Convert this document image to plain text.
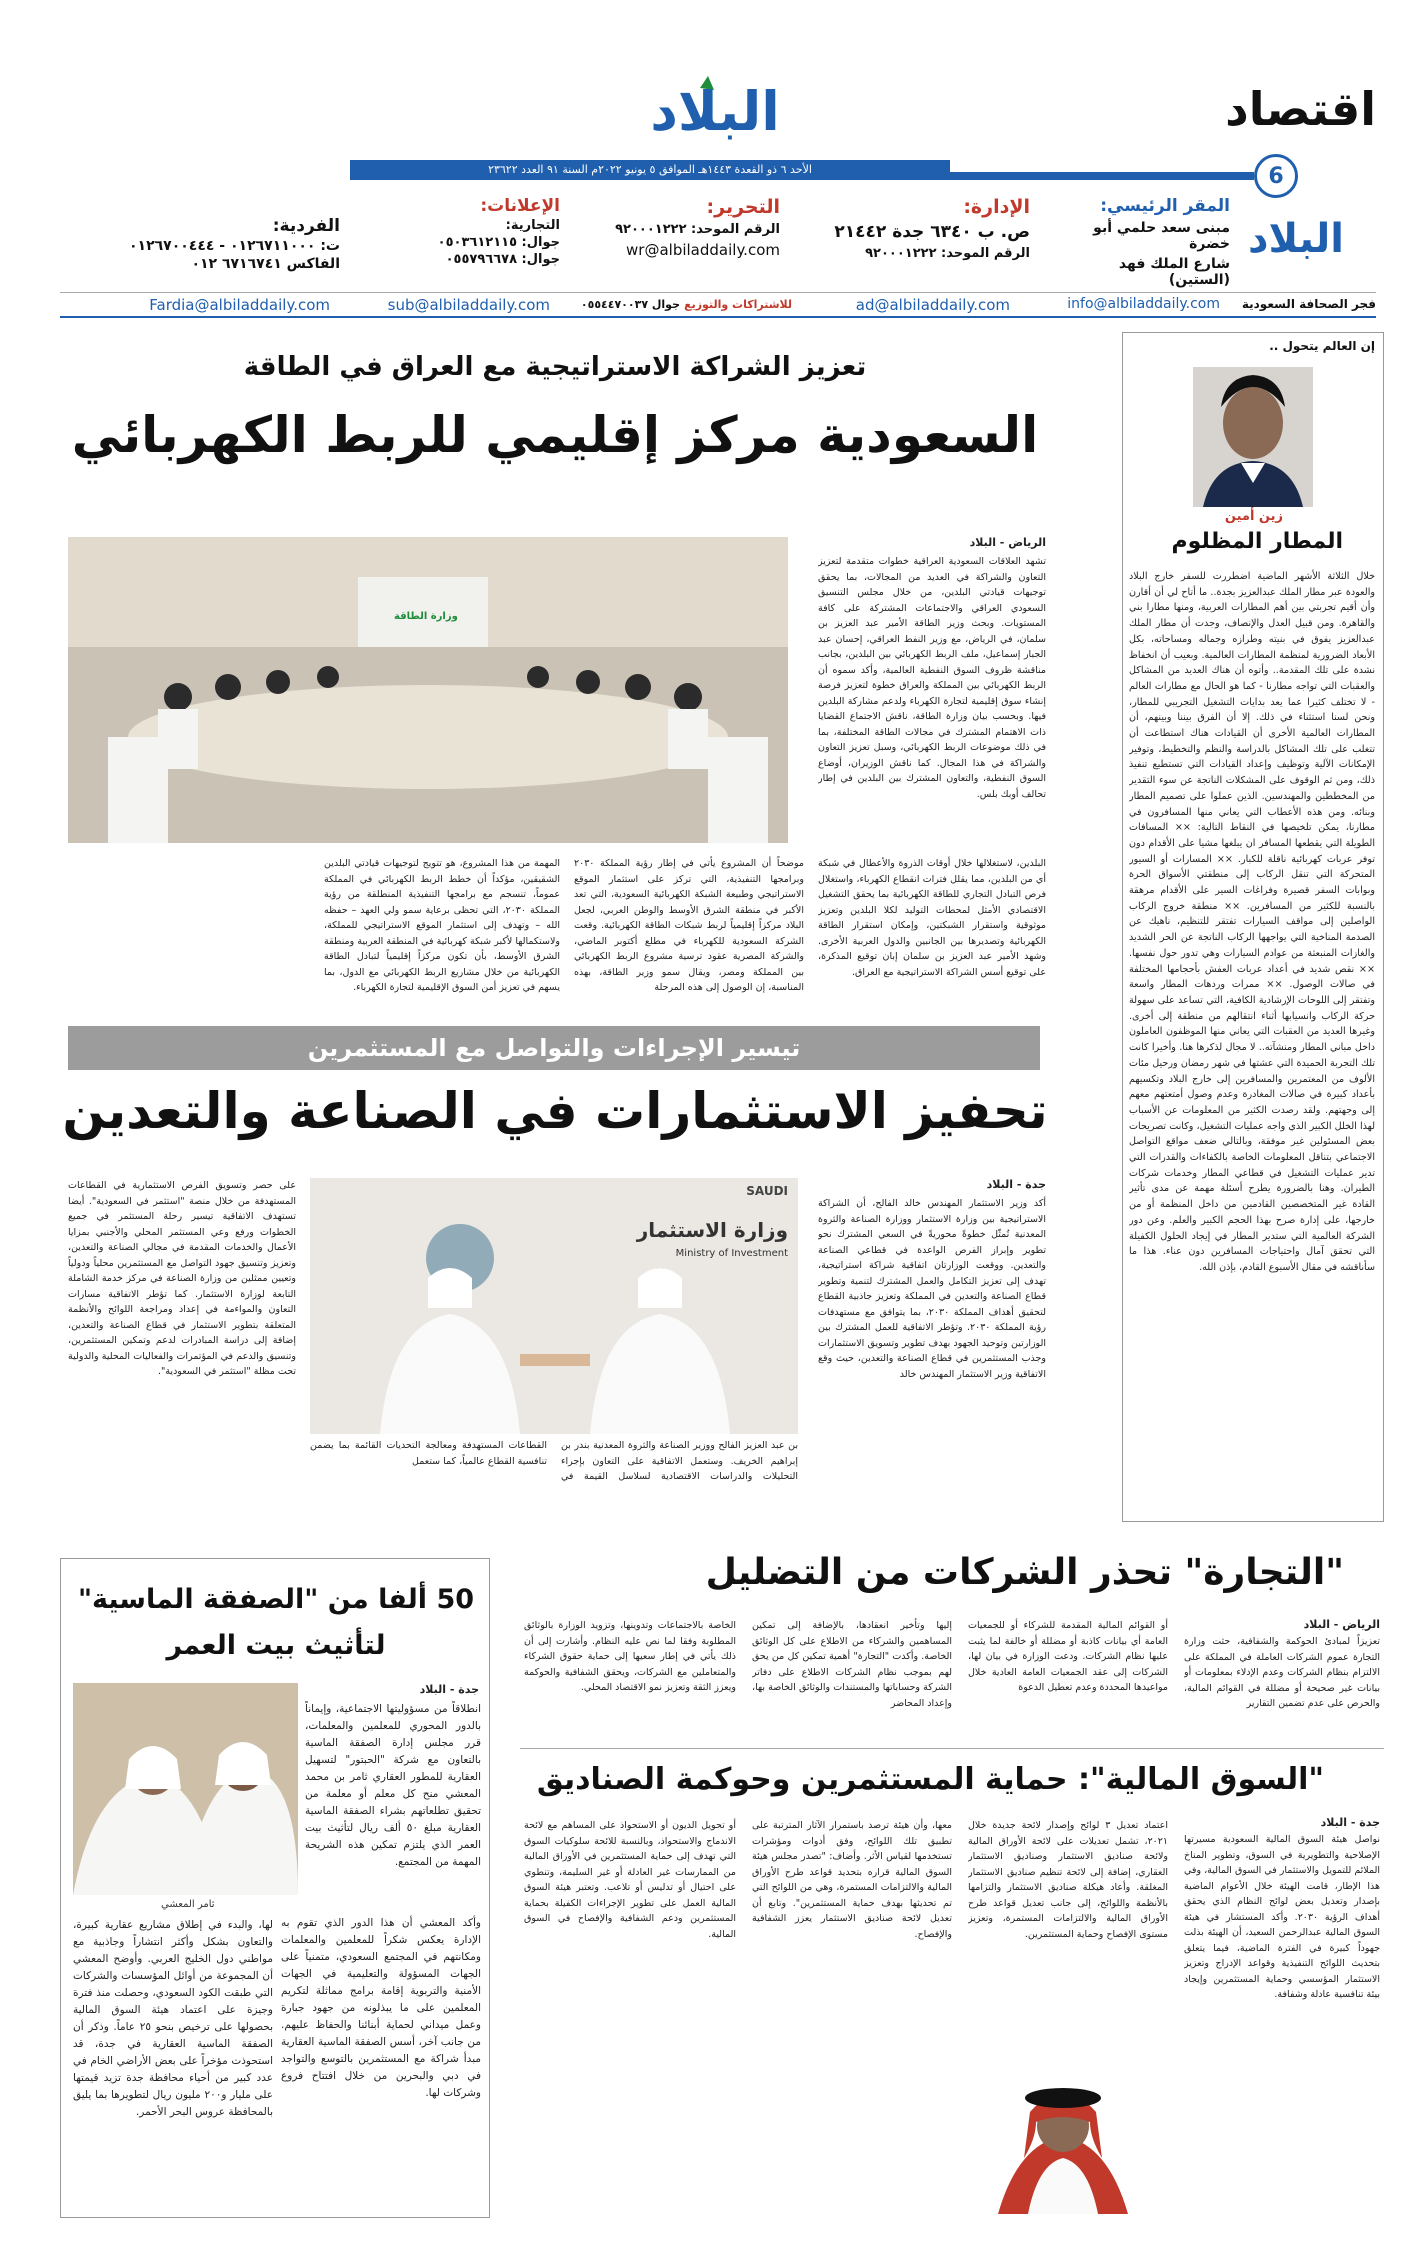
اقتصاد
6
البلاد
الأحد ٦ ذو القعدة ١٤٤٣هـ الموافق ٥ يونيو ٢٠٢٢م السنة ٩١ العدد ٢٣٦٢٢
البلاد
المقر الرئيسي:
مبنى سعد حلمي أبو خضرة
شارع الملك فهد (الستين)
الإدارة:
ص. ب ٦٣٤٠ جدة ٢١٤٤٢
الرقم الموحد: ٩٢٠٠٠١٢٢٢
التحرير:
الرقم الموحد: ٩٢٠٠٠١٢٢٢
wr@albiladdaily.com
الإعلانات:
التجارية:
جوال: ٠٥٠٣٦١٢١١٥
جوال: ٠٥٥٧٩٦٦٧٨
الفردية:
ت: ٠١٢٦٧١١٠٠٠ - ٠١٢٦٧٠٠٤٤٤
الفاكس ٦٧١٦٧٤١ ٠١٢
فجر الصحافة السعودية
info@albiladdaily.com
ad@albiladdaily.com
للاشتراكات والتوزيع
جوال ٠٥٥٤٤٧٠٠٣٧
sub@albiladdaily.com
Fardia@albiladdaily.com
إن العالم يتحول ..
زين أمين
المطار المظلوم
خلال الثلاثة الأشهر الماضية اضطررت للسفر خارج البلاد والعودة عبر مطار الملك عبدالعزيز بجدة.. ما أتاح لي أن أقارن وأن أقيم تجربتي بين أهم المطارات العربية، ومنها مطارا بني والقاهرة. ومن قبيل العدل والإنصاف، وجدت أن مطار الملك عبدالعزيز يفوق في بنيته وطرازه وجماله ومساحاته، بكل الأبعاد الضرورية لمنظمة المطارات العالمية. وبعيب أن انخفاظ نشدة على تلك المقدمة.. وأتوه أن هناك العديد من المشاكل والعقبات التي تواجه مطارنا - كما هو الحال مع مطارات العالم - لا تختلف كثيرا عما يعد بدايات التشغيل التجريبي للمطار، ونحن لسنا استثناء في ذلك. إلا أن الفرق بيننا وبينهم، أن المطارات العالمية الأخرى أن القيادات هناك استطاعت أن تتغلب على تلك المشاكل بالدراسة والنظم والتخطيط، وتوفير الإمكانات الآلية وتوظيف وإعداد القيادات التي تستطيع تنفيذ ذلك، ومن ثم الوقوف على المشكلات الناتجة عن سوء التقدير من المخططين والمهندسين. الذين عملوا على تصميم المطار وبنائه. ومن هذه الأعطاب التي يعاني منها المسافرون في مطارنا، يمكن تلخيصها في النقاط التالية: ×× المسافات الطويلة التي يقطعها المسافر ان يبلغها مشيا على الأقدام دون توفر عربات كهربائية ناقلة للكبار. ×× المسارات أو السيور المتحركة التي تنقل الركاب إلى منطقتي الأسواق الحرة وبوابات السفر قصيرة وفراغات السير على الأقدام مرهقة بالنسبة للكثير من المسافرين. ×× منطقة خروج الركاب الواصلين إلى مواقف السيارات تفتقر للتنظيم، ناهيك عن الصدمة المناخية التي يواجهها الركاب الناتجة عن الحر الشديد والغازات المنبعثة من عوادم السيارات وهي تدور حول نفسها. ×× نقص شديد في أعداد عربات العفش بأحجامها المختلفة في صالات الوصول. ×× ممرات وردهات المطار واسعة وتفتقر إلى اللوحات الإرشادية الكافية، التي تساعد على سهولة حركة الركاب وانسيابها أثناء انتقالهم من منطقة إلى أخرى. وغيرها العديد من العقبات التي يعاني منها الموظفون العاملون داخل مباني المطار ومنشآته.. لا مجال لذكرها هنا. وأخيرا كانت تلك التجربة الحميدة التي عشتها في شهر رمضان ورحيل مئات الألوف من المعتمرين والمسافرين إلى خارج البلاد وتكسيهم بأعداد كبيرة في صالات المغادرة وعدم وصول أمتعتهم معهم إلى وجهتهم. ولقد رصدت الكثير من المعلومات عن الأسباب لهذا الخلل الكبير الذي واجه عمليات التشغيل، وكانت تصريحات بعض المسئولين غير موفقة، وبالتالي ضعف مواقع التواصل الاجتماعي بتناقل المعلومات الخاصة بالكفاءات والقدرات التي تدير عمليات التشغيل في قطاعي المطار وخدمات شركات الطيران. وهنا بالضرورة يطرح أسئلة مهمة عن مدى تأثير القادة غير المتخصصين القادمين من داخل المنظمة أو من خارجها، على إدارة صرح بهذا الحجم الكبير والعلم. وعن دور الشركة العالمية التي ستدير المطار في إيجاد الحلول الكفيلة التي تحقق آمال واحتياجات المسافرين دون عناء. هذا ما سأناقشه في مقال الأسبوع القادم، بإذن الله.
تعزيز الشراكة الاستراتيجية مع العراق في الطاقة
السعودية مركز إقليمي للربط الكهربائي
الرياض - البلاد
تشهد العلاقات السعودية العراقية خطوات متقدمة لتعزيز التعاون والشراكة في العديد من المجالات، بما يحقق توجيهات قيادتي البلدين، من خلال مجلس التنسيق السعودي العراقي والاجتماعات المشتركة على كافة المستويات. وبحث وزير الطاقة الأمير عبد العزيز بن سلمان، في الرياض، مع وزير النفط العراقي، إحسان عبد الجبار إسماعيل، ملف الربط الكهربائي بين البلدين، بجانب مناقشة ظروف السوق النفطية العالمية، وأكد سموه أن الربط الكهربائي بين المملكة والعراق خطوة لتعزيز فرصة إنشاء سوق إقليمية لتجارة الكهرباء ولدعم مشاركة البلدين فيها. وبحسب بيان وزارة الطاقة، ناقش الاجتماع القضايا ذات الاهتمام المشترك في مجالات الطاقة المختلفة، بما في ذلك موضوعات الربط الكهربائي، وسبل تعزيز التعاون والشراكة في هذا المجال. كما ناقش الوزيران، أوضاع السوق النفطية، والتعاون المشترك بين البلدين في إطار تحالف أوبك بلس.
وزارة الطاقة
البلدين، لاستغلالها خلال أوقات الذروة والأعطال في شبكة أي من البلدين، مما يقلل فترات انقطاع الكهرباء، واستغلال فرص التبادل التجاري للطاقة الكهربائية بما يحقق التشغيل الاقتصادي الأمثل لمحطات التوليد لكلا البلدين وتعزيز موثوقية واستقرار الشبكتين، وإمكان استقرار الطاقة الكهربائية وتصديرها بين الجانبين والدول العربية الأخرى. وشهد الأمير عبد العزيز بن سلمان إبان توقيع المذكرة، على توقيع أسس الشراكة الاستراتيجية مع العراق.
موضحاً أن المشروع يأتي في إطار رؤية المملكة ٢٠٣٠ وبرامجها التنفيذية، التي تركز على استثمار الموقع الاستراتيجي وطبيعة الشبكة الكهربائية السعودية، التي تعد الأكبر في منطقة الشرق الأوسط والوطن العربي، لجعل البلاد مركزاً إقليمياً لربط شبكات الطاقة الكهربائية. وقعت الشركة السعودية للكهرباء في مطلع أكتوبر الماضي، والشركة المصرية عقود ترسية مشروع الربط الكهربائي بين المملكة ومصر، ويقال سمو وزير الطاقة، بهذه المناسبة، إن الوصول إلى هذه المرحلة
المهمة من هذا المشروع، هو تتويج لتوجيهات قيادتي البلدين الشقيقين، مؤكداً أن خطط الربط الكهربائي في المملكة عموماً، تنسجم مع برامجها التنفيذية المنطلقة من رؤية المملكة ٢٠٣٠، التي تحظى برعاية سمو ولي العهد – حفظه الله – وتهدف إلى استثمار الموقع الاستراتيجي للمملكة، ولاستكمالها لأكبر شبكة كهربائية في المنطقة العربية ومنطقة الشرق الأوسط، بأن تكون مركزاً إقليمياً لتبادل الطاقة الكهربائية من خلال مشاريع الربط الكهربائي مع الدول، بما يسهم في تعزيز أمن السوق الإقليمية لتجارة الكهرباء.
تيسير الإجراءات والتواصل مع المستثمرين
تحفيز الاستثمارات في الصناعة والتعدين
جدة - البلاد
أكد وزير الاستثمار المهندس خالد الفالح، أن الشراكة الاستراتيجية بين وزارة الاستثمار ووزارة الصناعة والثروة المعدنية تُمثّل خطوةً محوريةً في السعي المشترك نحو تطوير وإبراز الفرص الواعدة في قطاعي الصناعة والتعدين. ووقعت الوزارتان اتفاقية شراكة استراتيجية، تهدف إلى تعزيز التكامل والعمل المشترك لتنمية وتطوير قطاع الصناعة والتعدين في المملكة وتعزيز جاذبية القطاع لتحقيق أهداف المملكة ٢٠٣٠، بما يتوافق مع مستهدفات رؤية المملكة ٢٠٣٠. وتؤطر الاتفاقية للعمل المشترك بين الوزارتين وتوحيد الجهود بهدف تطوير وتسويق الاستثمارات وجذب المستثمرين في قطاع الصناعة والتعدين، حيث وقع الاتفاقية وزير الاستثمار المهندس خالد
SAUDI
وزارة الاستثمار
Ministry of Investment
بن عبد العزيز الفالح ووزير الصناعة والثروة المعدنية بندر بن إبراهيم الخريف. وستعمل الاتفاقية على التعاون بإجراء التحليلات والدراسات الاقتصادية لسلاسل القيمة في القطاعات المستهدفة ومعالجة التحديات القائمة بما يضمن تنافسية القطاع عالمياً، كما ستعمل
على حصر وتسويق الفرص الاستثمارية في القطاعات المستهدفة من خلال منصة "استثمر في السعودية". أيضا تستهدف الاتفاقية تيسير رحلة المستثمر في جميع الخطوات ورفع وعي المستثمر المحلي والأجنبي بمزايا الأعمال والخدمات المقدمة في مجالي الصناعة والتعدين، وتعزيز وتنسيق جهود التواصل مع المستثمرين محلياً ودولياً وتعيين ممثلين من وزارة الصناعة في مركز خدمة الشاملة التابعة لوزارة الاستثمار. كما تؤطر الاتفاقية مسارات التعاون والمواءمة في إعداد ومراجعة اللوائح والأنظمة المتعلقة بتطوير الاستثمار في قطاع الصناعة والتعدين، إضافة إلى دراسة المبادرات لدعم وتمكين المستثمرين، وتنسيق والدعم في المؤتمرات والفعاليات المحلية والدولية تحت مظلة "استثمر في السعودية".
50 ألفا من "الصفقة الماسية" لتأثيث بيت العمر
جدة - البلاد
ثامر المعشي
انطلاقاً من مسؤوليتها الاجتماعية، وإيماناً بالدور المحوري للمعلمين والمعلمات، قرر مجلس إدارة الصفقة الماسية بالتعاون مع شركة "الحبتور" لتسهيل العقارية للمطور العقاري ثامر بن محمد المعشي منح كل معلم أو معلمة من تحقيق تطلعاتهم بشراء الصفقة الماسية العقارية مبلغ ٥٠ ألف ريال لتأثيث بيت العمر الذي يلتزم تمكين هذه الشريحة المهمة من المجتمع.
وأكد المعشي أن هذا الدور الذي تقوم به الإدارة يعكس شكراً للمعلمين والمعلمات ومكانتهم في المجتمع السعودي، متمنياً على الجهات المسؤولة والتعليمية في الجهات الأمنية والتربوية إقامة برامج مماثلة لتكريم المعلمين على ما يبذلونه من جهود جبارة وعمل ميداني لحماية أبنائنا والحفاظ عليهم. من جانب آخر، أسس الصفقة الماسية العقارية مبدأ شراكة مع المستثمرين بالتوسع والتواجد في دبي والبحرين من خلال افتتاح فروع وشركات لها.
لها، والبدء في إطلاق مشاريع عقارية كبيرة، والتعاون بشكل وأكثر انتشاراً وجاذبية مع مواطني دول الخليج العربي. وأوضح المعشي أن المجموعة من أوائل المؤسسات والشركات التي طبقت الكود السعودي، وحصلت منذ فترة وجيزة على اعتماد هيئة السوق المالية بحصولها على ترخيص بنحو ٢٥ عاماً. وذكر أن الصفقة الماسية العقارية في جدة، قد استحوذت مؤخراً على بعض الأراضي الخام في عدد كبير من أحياء محافظة جدة تزيد قيمتها على مليار و٢٠٠ مليون ريال لتطويرها بما يليق بالمحافظة عروس البحر الأحمر.
"التجارة" تحذر الشركات من التضليل
الرياض - البلاد
تعزيزاً لمبادئ الحوكمة والشفافية، حثت وزارة التجارة عموم الشركات العاملة في المملكة على الالتزام بنظام الشركات وعدم الإدلاء بمعلومات أو بيانات غير صحيحة أو مضللة في القوائم المالية، والحرص على عدم تضمين التقارير
أو القوائم المالية المقدمة للشركاء أو للجمعيات العامة أي بيانات كاذبة أو مضللة أو خالفة لما يثبت عليها نظام الشركات. ودعت الوزارة في بيان لها، الشركات إلى عقد الجمعيات العامة العادية خلال مواعيدها المحددة وعدم تعطيل الدعوة
إليها وتأخير انعقادها، بالإضافة إلى تمكين المساهمين والشركاء من الاطلاع على كل الوثائق الخاصة. وأكدت "التجارة" أهمية تمكين كل من يحق لهم بموجب نظام الشركات الاطلاع على دفاتر الشركة وحساباتها والمستندات والوثائق الخاصة بها، وإعداد المحاضر
الخاصة بالاجتماعات وتدوينها، وتزويد الوزارة بالوثائق المطلوبة وفقا لما نص عليه النظام. وأشارت إلى أن ذلك يأتي في إطار سعيها إلى حماية حقوق الشركاء والمتعاملين مع الشركات، ويحقق الشفافية والحوكمة ويعزز الثقة وتعزيز نمو الاقتصاد المحلي.
"السوق المالية": حماية المستثمرين وحوكمة الصناديق
جدة - البلاد
نواصل هيئة السوق المالية السعودية مسيرتها الإصلاحية والتطويرية في السوق، وتطوير المناخ الملائم للتمويل والاستثمار في السوق المالية، وفي هذا الإطار، قامت الهيئة خلال الأعوام الماضية بإصدار وتعديل بعض لوائح النظام الذي يحقق أهداف الرؤية ٢٠٣٠. وأكد المستشار في هيئة السوق المالية عبدالرحمن السعيد، أن الهيئة بذلت جهوداً كبيرة في الفترة الماضية، فيما يتعلق بتحديث اللوائح التنفيذية وقواعد الإدراج وتعزيز الاستثمار المؤسسي وحماية المستثمرين وإيجاد بيئة تنافسية عادلة وشفافة.
اعتماد تعديل ٣ لوائح وإصدار لائحة جديدة خلال ٢٠٢١، تشمل تعديلات على لائحة الأوراق المالية ولائحة صناديق الاستثمار وصناديق الاستثمار العقاري، إضافة إلى لائحة تنظيم صناديق الاستثمار المغلقة. وأعاد هيكلة صناديق الاستثمار والتزامها بالأنظمة واللوائح، إلى جانب تعديل قواعد طرح الأوراق المالية والالتزامات المستمرة، وتعزيز مستوى الإفصاح وحماية المستثمرين.
معها، وأن هيئة ترصد باستمرار الآثار المترتبة على تطبيق تلك اللوائح، وفق أدوات ومؤشرات تستخدمها لقياس الأثر. وأضاف: "تصدر مجلس هيئة السوق المالية قراره بتحديد قواعد طرح الأوراق المالية والالتزامات المستمرة، وهي من اللوائح التي تم تحديثها بهدف حماية المستثمرين". وتابع أن تعديل لائحة صناديق الاستثمار يعزز الشفافية والإفصاح.
أو تحويل الديون أو الاستحواذ على المساهم مع لائحة الاندماج والاستحواذ، وبالنسبة للائحة سلوكيات السوق التي تهدف إلى حماية المستثمرين في الأوراق المالية من الممارسات غير العادلة أو غير السليمة، وتنطوي على احتيال أو تدليس أو تلاعب. وتعتبر هيئة السوق المالية العمل على تطوير الإجراءات الكفيلة بحماية المستثمرين ودعم الشفافية والإفصاح في السوق المالية.
